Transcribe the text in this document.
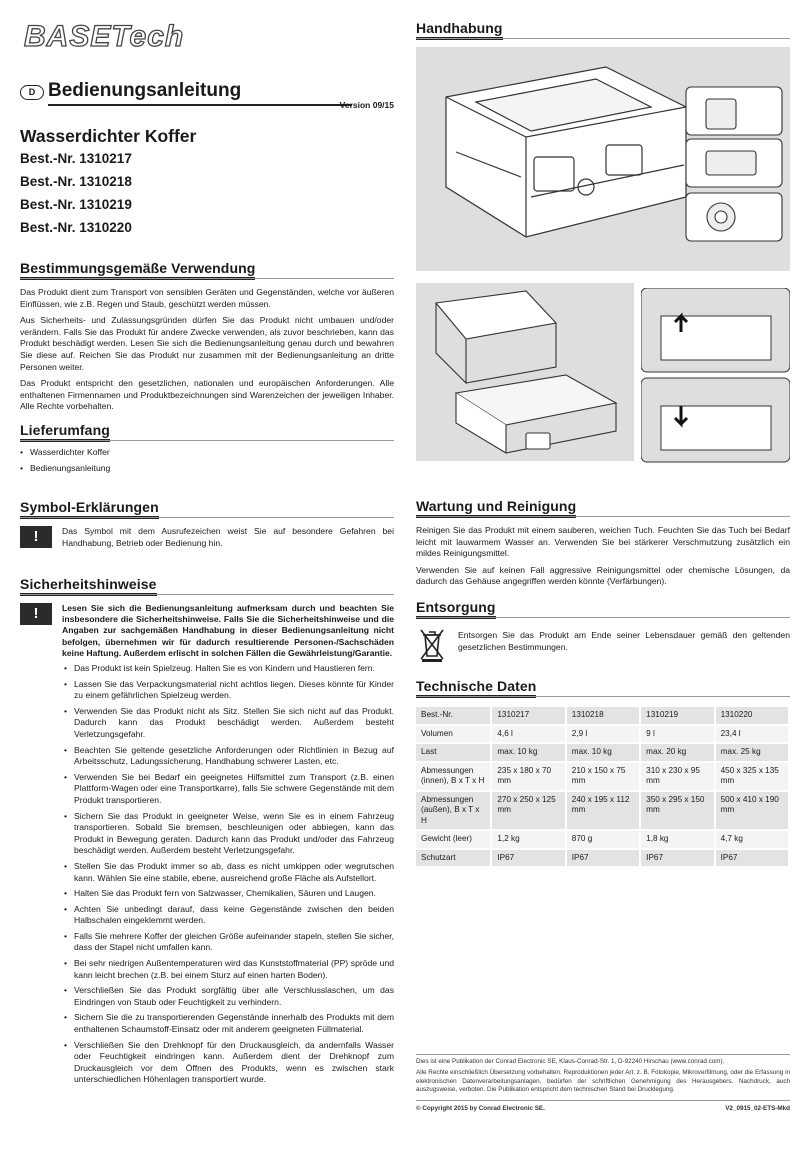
BASETech
D Bedienungsanleitung
Version 09/15
Wasserdichter Koffer
Best.-Nr. 1310217
Best.-Nr. 1310218
Best.-Nr. 1310219
Best.-Nr. 1310220
Bestimmungsgemäße Verwendung

Das Produkt dient zum Transport von sensiblen Geräten und Gegenständen, welche vor äußeren Einflüssen, wie z.B. Regen und Staub, geschützt werden müssen.

Aus Sicherheits- und Zulassungsgründen dürfen Sie das Produkt nicht umbauen und/oder verändern. Falls Sie das Produkt für andere Zwecke verwenden, als zuvor beschrieben, kann das Produkt beschädigt werden. Lesen Sie sich die Bedienungsanleitung genau durch und bewahren Sie diese auf. Reichen Sie das Produkt nur zusammen mit der Bedienungsanleitung an dritte Personen weiter.

Das Produkt entspricht den gesetzlichen, nationalen und europäischen Anforderungen. Alle enthaltenen Firmennamen und Produktbezeichnungen sind Warenzeichen der jeweiligen Inhaber. Alle Rechte vorbehalten.

Lieferumfang
• Wasserdichter Koffer
• Bedienungsanleitung
Symbol-Erklärungen
!	Das Symbol mit dem Ausrufezeichen weist Sie auf besondere Gefahren bei Handhabung, Betrieb oder Bedienung hin.

Sicherheitshinweise
!	Lesen Sie sich die Bedienungsanleitung aufmerksam durch und beachten Sie insbesondere die Sicherheitshinweise. Falls Sie die Sicherheitshinweise und die Angaben zur sachgemäßen Handhabung in dieser Bedienungsanleitung nicht befolgen, übernehmen wir für dadurch resultierende Personen-/Sachschäden keine Haftung. Außerdem erlischt in solchen Fällen die Gewährleistung/Garantie.

• Das Produkt ist kein Spielzeug. Halten Sie es von Kindern und Haustieren fern.
• Lassen Sie das Verpackungsmaterial nicht achtlos liegen. Dieses könnte für Kinder zu einem gefährlichen Spielzeug werden.
• Verwenden Sie das Produkt nicht als Sitz. Stellen Sie sich nicht auf das Produkt. Dadurch kann das Produkt beschädigt werden. Außerdem besteht Verletzungsgefahr.
• Beachten Sie geltende gesetzliche Anforderungen oder Richtlinien in Bezug auf Arbeitsschutz, Ladungssicherung, Handhabung schwerer Lasten, etc.
• Verwenden Sie bei Bedarf ein geeignetes Hilfsmittel zum Transport (z.B. einen Plattform-Wagen oder eine Transportkarre), falls Sie schwere Gegenstände mit dem Produkt transportieren.
• Sichern Sie das Produkt in geeigneter Weise, wenn Sie es in einem Fahrzeug transportieren. Sobald Sie bremsen, beschleunigen oder abbiegen, kann das Produkt in Bewegung geraten. Dadurch kann das Produkt und/oder das Fahrzeug beschädigt werden. Außerdem besteht Verletzungsgefahr.
• Stellen Sie das Produkt immer so ab, dass es nicht umkippen oder wegrutschen kann. Wählen Sie eine stabile, ebene, ausreichend große Fläche als Aufstellort.
• Halten Sie das Produkt fern von Salzwasser, Chemikalien, Säuren und Laugen.
• Achten Sie unbedingt darauf, dass keine Gegenstände zwischen den beiden Halbschalen eingeklemmt werden.
• Falls Sie mehrere Koffer der gleichen Größe aufeinander stapeln, stellen Sie sicher, dass der Stapel nicht umfallen kann.
• Bei sehr niedrigen Außentemperaturen wird das Kunststoffmaterial (PP) spröde und kann leicht brechen (z.B. bei einem Sturz auf einen harten Boden).
• Verschließen Sie das Produkt sorgfältig über alle Verschlusslaschen, um das Eindringen von Staub oder Feuchtigkeit zu verhindern.
• Sichern Sie die zu transportierenden Gegenstände innerhalb des Produkts mit dem enthaltenen Schaumstoff-Einsatz oder mit anderem geeigneten Füllmaterial.
• Verschließen Sie den Drehknopf für den Druckausgleich, da andernfalls Wasser oder Feuchtigkeit eindringen kann. Außerdem dient der Drehknopf zum Druckausgleich vor dem Öffnen des Produkts, wenn es zwischen stark unterschiedlichen Höhenlagen transportiert wurde.
Handhabung
Wartung und Reinigung

Reinigen Sie das Produkt mit einem sauberen, weichen Tuch. Feuchten Sie das Tuch bei Bedarf leicht mit lauwarmem Wasser an. Verwenden Sie bei stärkerer Verschmutzung zusätzlich ein mildes Reinigungsmittel.

Verwenden Sie auf keinen Fall aggressive Reinigungsmittel oder chemische Lösungen, da dadurch das Gehäuse angegriffen werden könnte (Verfärbungen).

Entsorgung

Entsorgen Sie das Produkt am Ende seiner Lebensdauer gemäß den geltenden gesetzlichen Bestimmungen.

Technische Daten
Best.-Nr.	1310217	1310218	1310219	1310220
Volumen	4,6 l	2,9 l	9 l	23,4 l
Last	max. 10 kg	max. 10 kg	max. 20 kg	max. 25 kg
Abmessungen (innen), B x T x H	235 x 180 x 70 mm	210 x 150 x 75 mm	310 x 230 x 95 mm	450 x 325 x 135 mm
Abmessungen (außen), B x T x H	270 x 250 x 125 mm	240 x 195 x 112 mm	350 x 295 x 150 mm	500 x 410 x 190 mm
Gewicht (leer)	1,2 kg	870 g	1,8 kg	4,7 kg
Schutzart	IP67	IP67	IP67	IP67
Dies ist eine Publikation der Conrad Electronic SE, Klaus-Conrad-Str. 1, D-92240 Hirschau (www.conrad.com).
Alle Rechte einschließlich Übersetzung vorbehalten. Reproduktionen jeder Art, z. B. Fotokopie, Mikroverfilmung, oder die Erfassung in elektronischen Datenverarbeitungsanlagen, bedürfen der schriftlichen Genehmigung des Herausgebers. Nachdruck, auch auszugsweise, verboten. Die Publikation entspricht dem technischen Stand bei Drucklegung.
© Copyright 2015 by Conrad Electronic SE.	V2_0915_02-ETS-Mkd
